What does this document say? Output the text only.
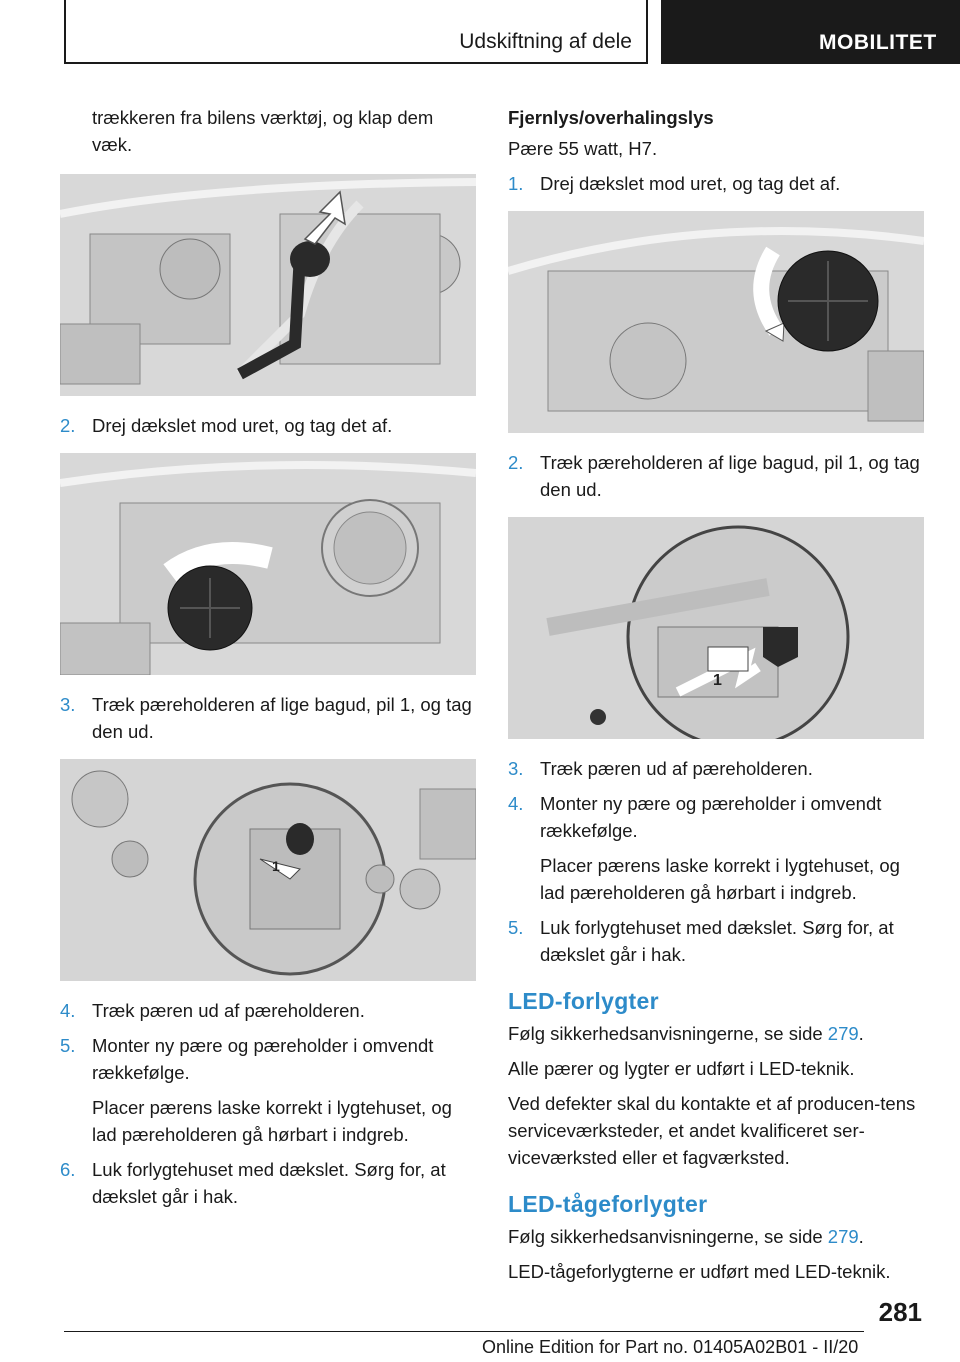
Udskiftning af dele	MOBILITET

trækkeren fra bilens værktøj, og klap dem væk.

2. Drej dækslet mod uret, og tag det af.
3. Træk pæreholderen af lige bagud, pil 1, og tag den ud.
1
4. Træk pæren ud af pæreholderen.
5. Monter ny pære og pæreholder i omvendt rækkefølge.
Placer pærens laske korrekt i lygtehuset, og lad pæreholderen gå hørbart i indgreb.
6. Luk forlygtehuset med dækslet. Sørg for, at dækslet går i hak.

Fjernlys/overhalingslys

Pære 55 watt, H7.

1. Drej dækslet mod uret, og tag det af.
2. Træk pæreholderen af lige bagud, pil 1, og tag den ud.
1
3. Træk pæren ud af pæreholderen.
4. Monter ny pære og pæreholder i omvendt rækkefølge.
Placer pærens laske korrekt i lygtehuset, og lad pæreholderen gå hørbart i indgreb.
5. Luk forlygtehuset med dækslet. Sørg for, at dækslet går i hak.

LED-forlygter

Følg sikkerhedsanvisningerne, se side 279.

Alle pærer og lygter er udført i LED-teknik.

Ved defekter skal du kontakte et af producen-tens serviceværksteder, et andet kvalificeret ser-viceværksted eller et fagværksted.

LED-tågeforlygter

Følg sikkerhedsanvisningerne, se side 279.

LED-tågeforlygterne er udført med LED-teknik.

281
Online Edition for Part no. 01405A02B01 - II/20
